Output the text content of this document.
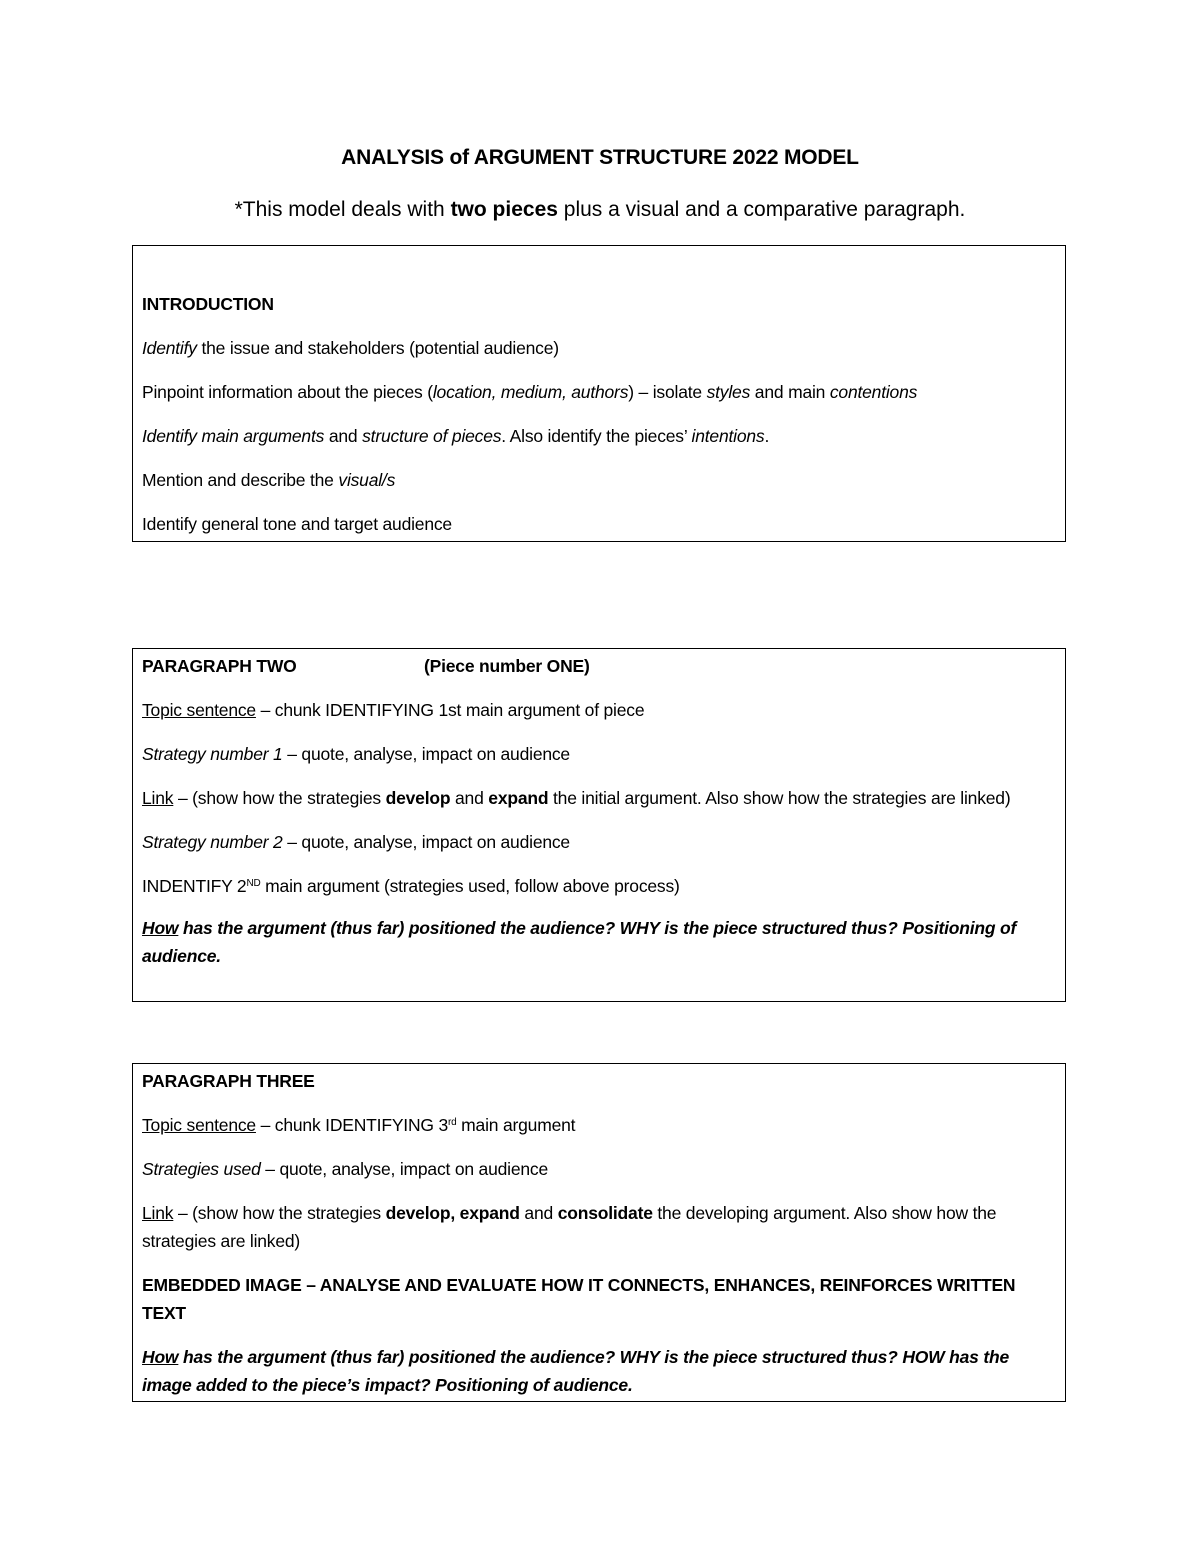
ANALYSIS of ARGUMENT STRUCTURE 2022 MODEL

*This model deals with two pieces plus a visual and a comparative paragraph.

INTRODUCTION

Identify the issue and stakeholders (potential audience)

Pinpoint information about the pieces (location, medium, authors) – isolate styles and main contentions

Identify main arguments and structure of pieces. Also identify the pieces’ intentions.

Mention and describe the visual/s

Identify general tone and target audience

PARAGRAPH TWO	(Piece number ONE)

Topic sentence – chunk IDENTIFYING 1st main argument of piece

Strategy number 1 – quote, analyse, impact on audience

Link – (show how the strategies develop and expand the initial argument. Also show how the strategies are linked)

Strategy number 2 – quote, analyse, impact on audience

INDENTIFY 2ND main argument (strategies used, follow above process)

How has the argument (thus far) positioned the audience? WHY is the piece structured thus? Positioning of audience.

PARAGRAPH THREE

Topic sentence – chunk IDENTIFYING 3rd main argument

Strategies used – quote, analyse, impact on audience

Link – (show how the strategies develop, expand and consolidate the developing argument. Also show how the strategies are linked)

EMBEDDED IMAGE – ANALYSE AND EVALUATE HOW IT CONNECTS, ENHANCES, REINFORCES WRITTEN TEXT

How has the argument (thus far) positioned the audience? WHY is the piece structured thus? HOW has the image added to the piece’s impact? Positioning of audience.
